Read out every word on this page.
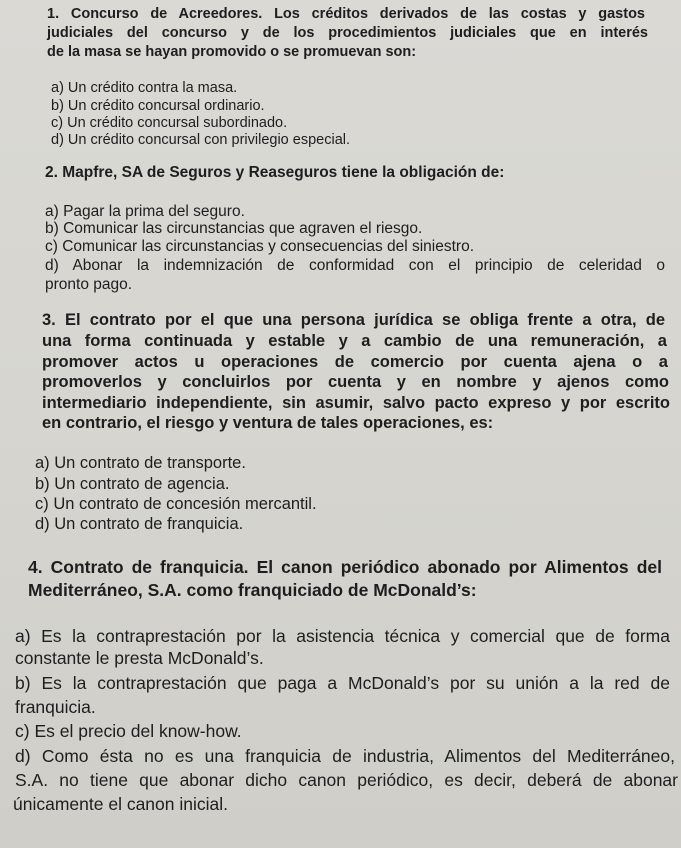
1. Concurso de Acreedores. Los créditos derivados de las costas y gastos
judiciales del concurso y de los procedimientos judiciales que en interés
de la masa se hayan promovido o se promuevan son:
a) Un crédito contra la masa.
b) Un crédito concursal ordinario.
c) Un crédito concursal subordinado.
d) Un crédito concursal con privilegio especial.
2. Mapfre, SA de Seguros y Reaseguros tiene la obligación de:
a) Pagar la prima del seguro.
b) Comunicar las circunstancias que agraven el riesgo.
c) Comunicar las circunstancias y consecuencias del siniestro.
d) Abonar la indemnización de conformidad con el principio de celeridad o
pronto pago.
3. El contrato por el que una persona jurídica se obliga frente a otra, de
una forma continuada y estable y a cambio de una remuneración, a
promover actos u operaciones de comercio por cuenta ajena o a
promoverlos y concluirlos por cuenta y en nombre y ajenos como
intermediario independiente, sin asumir, salvo pacto expreso y por escrito
en contrario, el riesgo y ventura de tales operaciones, es:
a) Un contrato de transporte.
b) Un contrato de agencia.
c) Un contrato de concesión mercantil.
d) Un contrato de franquicia.
4. Contrato de franquicia. El canon periódico abonado por Alimentos del
Mediterráneo, S.A. como franquiciado de McDonald’s:
a) Es la contraprestación por la asistencia técnica y comercial que de forma
constante le presta McDonald’s.
b) Es la contraprestación que paga a McDonald’s por su unión a la red de
franquicia.
c) Es el precio del know-how.
d) Como ésta no es una franquicia de industria, Alimentos del Mediterráneo,
S.A. no tiene que abonar dicho canon periódico, es decir, deberá de abonar
únicamente el canon inicial.
